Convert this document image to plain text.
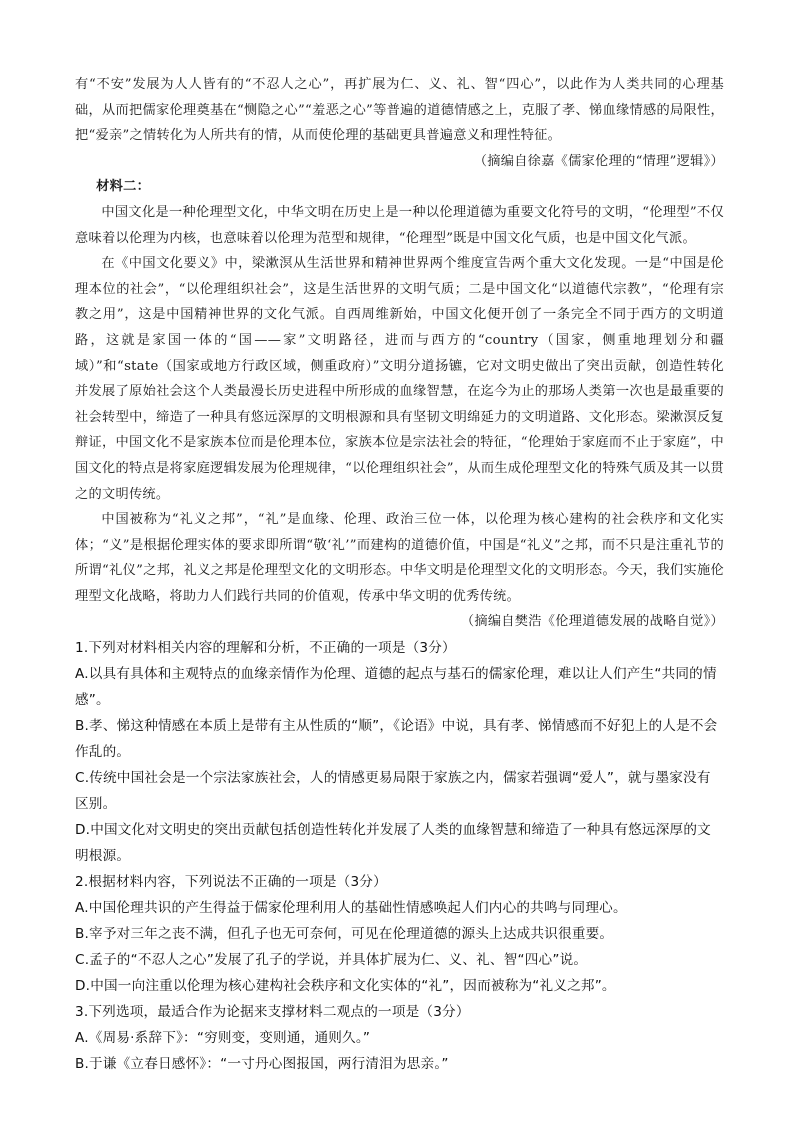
有“不安”发展为人人皆有的“不忍人之心”，再扩展为仁、义、礼、智“四心”，以此作为人类共同的心理基础，从而把儒家伦理奠基在“恻隐之心”“羞恶之心”等普遍的道德情感之上，克服了孝、悌血缘情感的局限性，把“爱亲”之情转化为人所共有的情，从而使伦理的基础更具普遍意义和理性特征。

（摘编自徐嘉《儒家伦理的“情理”逻辑》）

材料二：

中国文化是一种伦理型文化，中华文明在历史上是一种以伦理道德为重要文化符号的文明，“伦理型”不仅意味着以伦理为内核，也意味着以伦理为范型和规律，“伦理型”既是中国文化气质，也是中国文化气派。

在《中国文化要义》中，梁漱溟从生活世界和精神世界两个维度宣告两个重大文化发现。一是“中国是伦理本位的社会”，“以伦理组织社会”，这是生活世界的文明气质；二是中国文化“以道德代宗教”，“伦理有宗教之用”，这是中国精神世界的文化气派。自西周维新始，中国文化便开创了一条完全不同于西方的文明道路，这就是家国一体的“国——家”文明路径，进而与西方的“country（国家，侧重地理划分和疆域）”和“state（国家或地方行政区域，侧重政府）”文明分道扬镳，它对文明史做出了突出贡献，创造性转化并发展了原始社会这个人类最漫长历史进程中所形成的血缘智慧，在迄今为止的那场人类第一次也是最重要的社会转型中，缔造了一种具有悠远深厚的文明根源和具有坚韧文明绵延力的文明道路、文化形态。梁漱溟反复辩证，中国文化不是家族本位而是伦理本位，家族本位是宗法社会的特征，“伦理始于家庭而不止于家庭”，中国文化的特点是将家庭逻辑发展为伦理规律，“以伦理组织社会”，从而生成伦理型文化的特殊气质及其一以贯之的文明传统。

中国被称为“礼义之邦”，“礼”是血缘、伦理、政治三位一体，以伦理为核心建构的社会秩序和文化实体；“义”是根据伦理实体的要求即所谓“敬‘礼’”而建构的道德价值，中国是“礼义”之邦，而不只是注重礼节的所谓“礼仪”之邦，礼义之邦是伦理型文化的文明形态。中华文明是伦理型文化的文明形态。今天，我们实施伦理型文化战略，将助力人们践行共同的价值观，传承中华文明的优秀传统。

（摘编自樊浩《伦理道德发展的战略自觉》）

1.下列对材料相关内容的理解和分析，不正确的一项是（3分）

A.以具有具体和主观特点的血缘亲情作为伦理、道德的起点与基石的儒家伦理，难以让人们产生“共同的情感”。

B.孝、悌这种情感在本质上是带有主从性质的“顺”，《论语》中说，具有孝、悌情感而不好犯上的人是不会作乱的。

C.传统中国社会是一个宗法家族社会，人的情感更易局限于家族之内，儒家若强调“爱人”，就与墨家没有区别。

D.中国文化对文明史的突出贡献包括创造性转化并发展了人类的血缘智慧和缔造了一种具有悠远深厚的文明根源。

2.根据材料内容，下列说法不正确的一项是（3分）

A.中国伦理共识的产生得益于儒家伦理利用人的基础性情感唤起人们内心的共鸣与同理心。

B.宰予对三年之丧不满，但孔子也无可奈何，可见在伦理道德的源头上达成共识很重要。

C.孟子的“不忍人之心”发展了孔子的学说，并具体扩展为仁、义、礼、智“四心”说。

D.中国一向注重以伦理为核心建构社会秩序和文化实体的“礼”，因而被称为“礼义之邦”。

3.下列选项，最适合作为论据来支撑材料二观点的一项是（3分）

A.《周易·系辞下》：“穷则变，变则通，通则久。”

B.于谦《立春日感怀》：“一寸丹心图报国，两行清泪为思亲。”
